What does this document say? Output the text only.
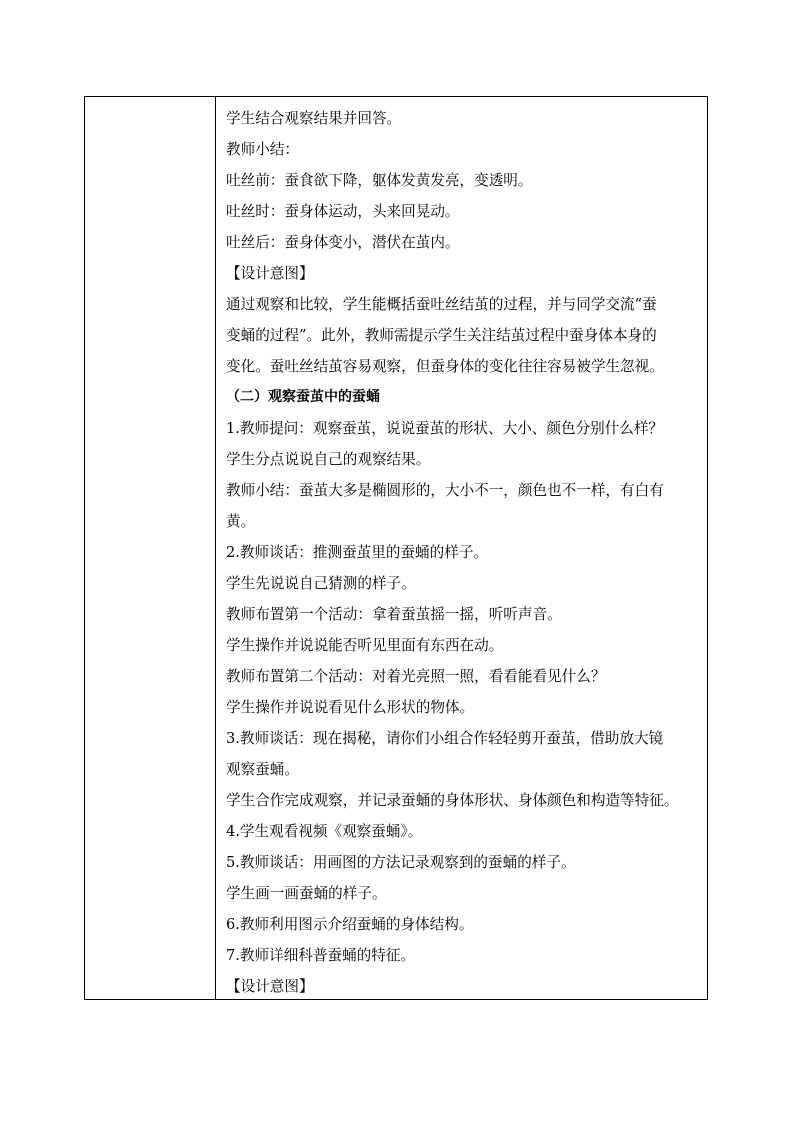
学生结合观察结果并回答。
教师小结：
吐丝前：蚕食欲下降，躯体发黄发亮，变透明。
吐丝时：蚕身体运动，头来回晃动。
吐丝后：蚕身体变小，潜伏在茧内。
【设计意图】
通过观察和比较，学生能概括蚕吐丝结茧的过程，并与同学交流“蚕
变蛹的过程”。此外，教师需提示学生关注结茧过程中蚕身体本身的
变化。蚕吐丝结茧容易观察，但蚕身体的变化往往容易被学生忽视。
（二）观察蚕茧中的蚕蛹
1.教师提问：观察蚕茧，说说蚕茧的形状、大小、颜色分别什么样？
学生分点说说自己的观察结果。
教师小结：蚕茧大多是椭圆形的，大小不一，颜色也不一样，有白有
黄。
2.教师谈话：推测蚕茧里的蚕蛹的样子。
学生先说说自己猜测的样子。
教师布置第一个活动：拿着蚕茧摇一摇，听听声音。
学生操作并说说能否听见里面有东西在动。
教师布置第二个活动：对着光亮照一照，看看能看见什么？
学生操作并说说看见什么形状的物体。
3.教师谈话：现在揭秘，请你们小组合作轻轻剪开蚕茧，借助放大镜
观察蚕蛹。
学生合作完成观察，并记录蚕蛹的身体形状、身体颜色和构造等特征。
4.学生观看视频《观察蚕蛹》。
5.教师谈话：用画图的方法记录观察到的蚕蛹的样子。
学生画一画蚕蛹的样子。
6.教师利用图示介绍蚕蛹的身体结构。
7.教师详细科普蚕蛹的特征。
【设计意图】
